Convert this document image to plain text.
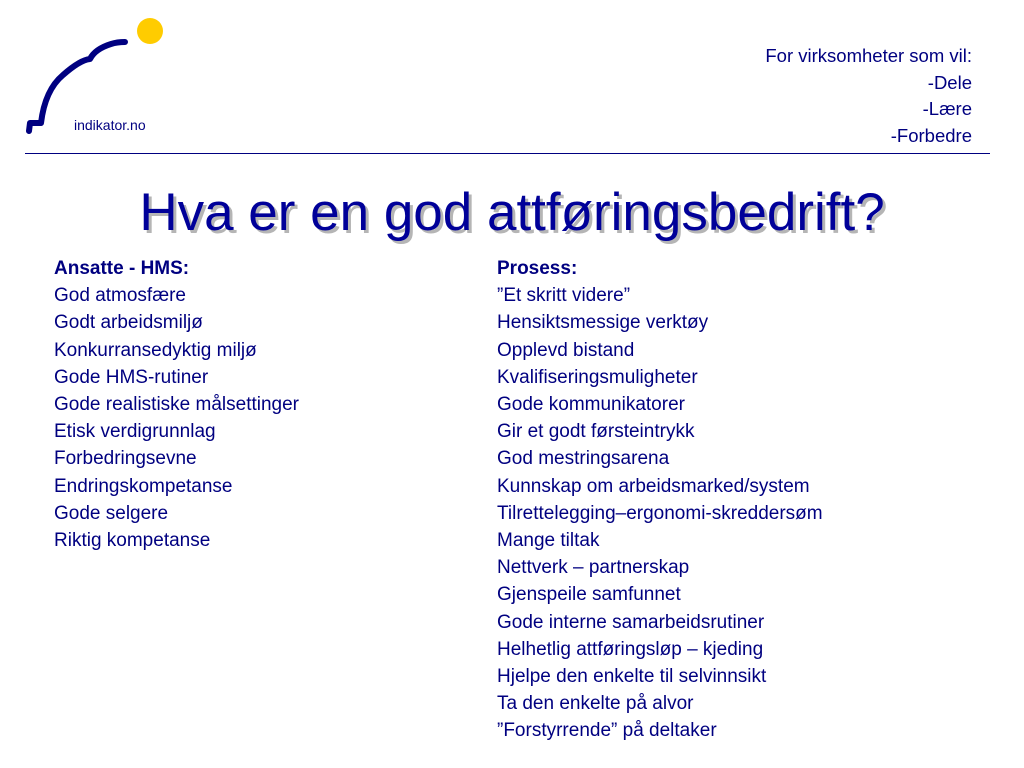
indikator.no
For virksomheter som vil:
-Dele
-Lære
-Forbedre
Hva er en god attføringsbedrift?
Ansatte - HMS:
God atmosfære
Godt arbeidsmiljø
Konkurransedyktig miljø
Gode HMS-rutiner
Gode realistiske målsettinger
Etisk verdigrunnlag
Forbedringsevne
Endringskompetanse
Gode selgere
Riktig kompetanse
Prosess:
”Et skritt videre”
Hensiktsmessige verktøy
Opplevd bistand
Kvalifiseringsmuligheter
Gode kommunikatorer
Gir et godt førsteintrykk
God mestringsarena
Kunnskap om arbeidsmarked/system
Tilrettelegging–ergonomi-skreddersøm
Mange tiltak
Nettverk – partnerskap
Gjenspeile samfunnet
Gode interne samarbeidsrutiner
Helhetlig attføringsløp – kjeding
Hjelpe den enkelte til selvinnsikt
Ta den enkelte på alvor
”Forstyrrende” på deltaker
